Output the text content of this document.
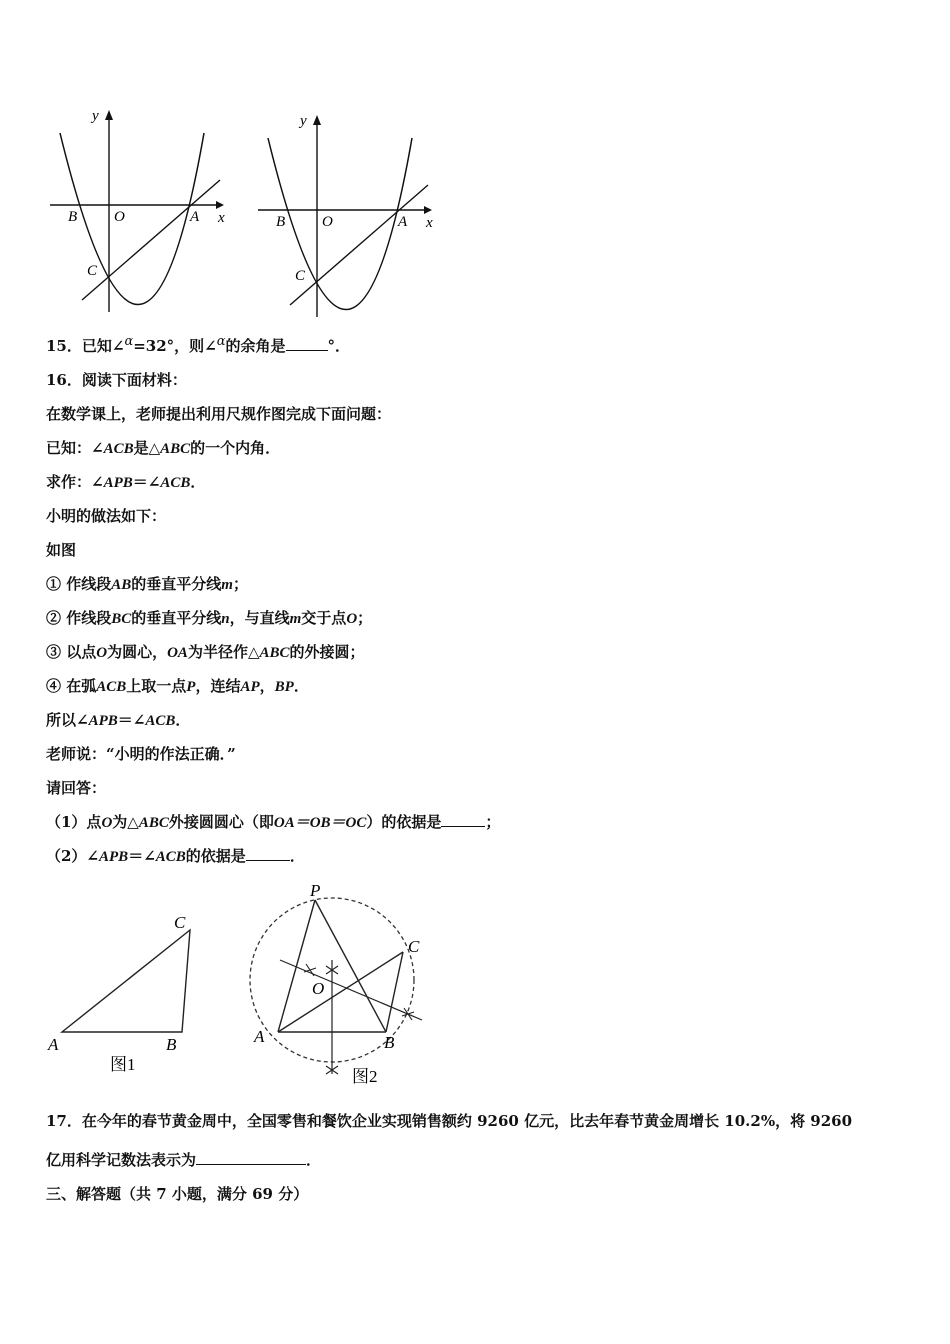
y
x
O	A
B
C
y
x
O	A
B
C
15．已知∠α=32°，则∠α的余角是	°．
16．阅读下面材料：
在数学课上，老师提出利用尺规作图完成下面问题：
已知：∠ACB是△ABC的一个内角．
求作：∠APB＝∠ACB．
小明的做法如下：
如图
① 作线段AB的垂直平分线m；
② 作线段BC的垂直平分线n，与直线m交于点O；
③ 以点O为圆心，OA为半径作△ABC的外接圆；
④ 在弧ACB上取一点P，连结AP，BP．
所以∠APB＝∠ACB．
老师说：“小明的作法正确．”
请回答：
（1）点O为△ABC外接圆圆心（即OA＝OB＝OC）的依据是	；
（2）∠APB＝∠ACB的依据是	．
A	B
C
图1
P
C
O
A	B
图2
17．在今年的春节黄金周中，全国零售和餐饮企业实现销售额约 9260 亿元，比去年春节黄金周增长 10.2%，将 9260
亿用科学记数法表示为	．
三、解答题（共 7 小题，满分 69 分）
